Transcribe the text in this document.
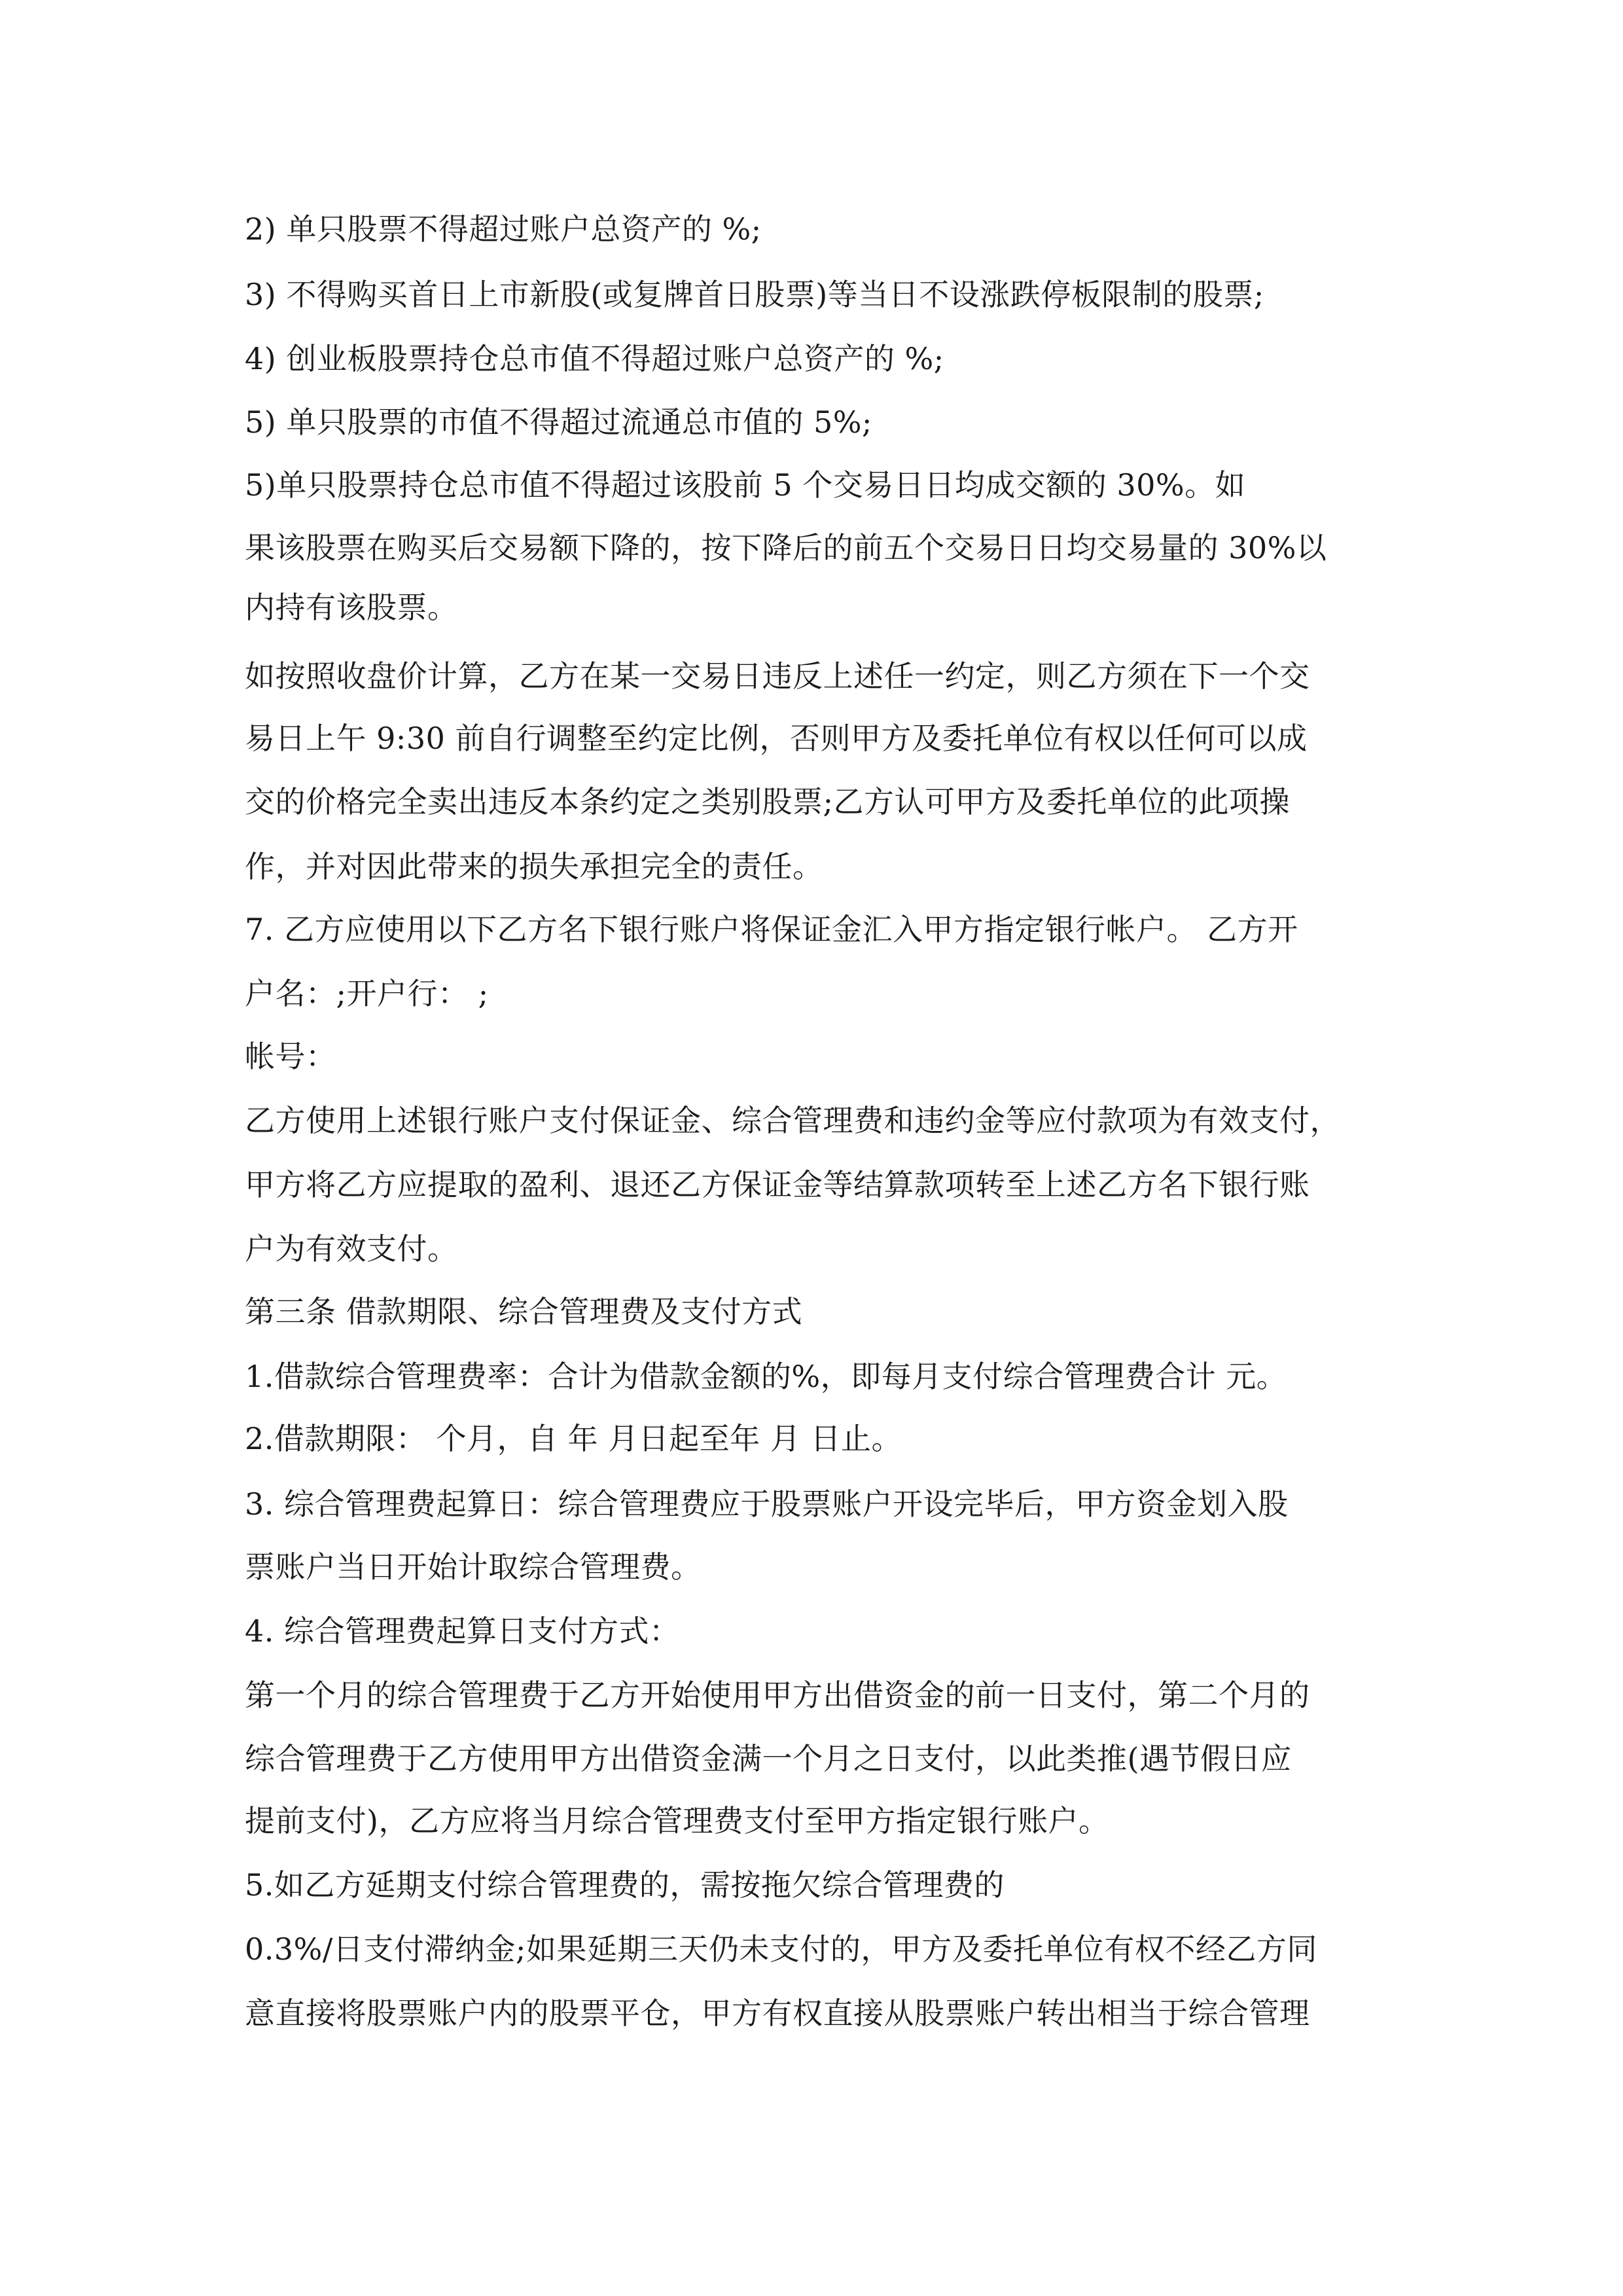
2) 单只股票不得超过账户总资产的 %;
3) 不得购买首日上市新股(或复牌首日股票)等当日不设涨跌停板限制的股票;
4) 创业板股票持仓总市值不得超过账户总资产的 %;
5) 单只股票的市值不得超过流通总市值的 5%;
5)单只股票持仓总市值不得超过该股前 5 个交易日日均成交额的 30%。如
果该股票在购买后交易额下降的，按下降后的前五个交易日日均交易量的 30%以
内持有该股票。
如按照收盘价计算，乙方在某一交易日违反上述任一约定，则乙方须在下一个交
易日上午 9:30 前自行调整至约定比例，否则甲方及委托单位有权以任何可以成
交的价格完全卖出违反本条约定之类别股票;乙方认可甲方及委托单位的此项操
作，并对因此带来的损失承担完全的责任。
7. 乙方应使用以下乙方名下银行账户将保证金汇入甲方指定银行帐户。 乙方开
户名：;开户行： ;
帐号：
乙方使用上述银行账户支付保证金、综合管理费和违约金等应付款项为有效支付，
甲方将乙方应提取的盈利、退还乙方保证金等结算款项转至上述乙方名下银行账
户为有效支付。
第三条 借款期限、综合管理费及支付方式
1.借款综合管理费率：合计为借款金额的%，即每月支付综合管理费合计 元。
2.借款期限： 个月，自 年 月日起至年 月 日止。
3. 综合管理费起算日：综合管理费应于股票账户开设完毕后，甲方资金划入股
票账户当日开始计取综合管理费。
4. 综合管理费起算日支付方式：
第一个月的综合管理费于乙方开始使用甲方出借资金的前一日支付，第二个月的
综合管理费于乙方使用甲方出借资金满一个月之日支付，以此类推(遇节假日应
提前支付)，乙方应将当月综合管理费支付至甲方指定银行账户。
5.如乙方延期支付综合管理费的，需按拖欠综合管理费的
0.3%/日支付滞纳金;如果延期三天仍未支付的，甲方及委托单位有权不经乙方同
意直接将股票账户内的股票平仓，甲方有权直接从股票账户转出相当于综合管理
